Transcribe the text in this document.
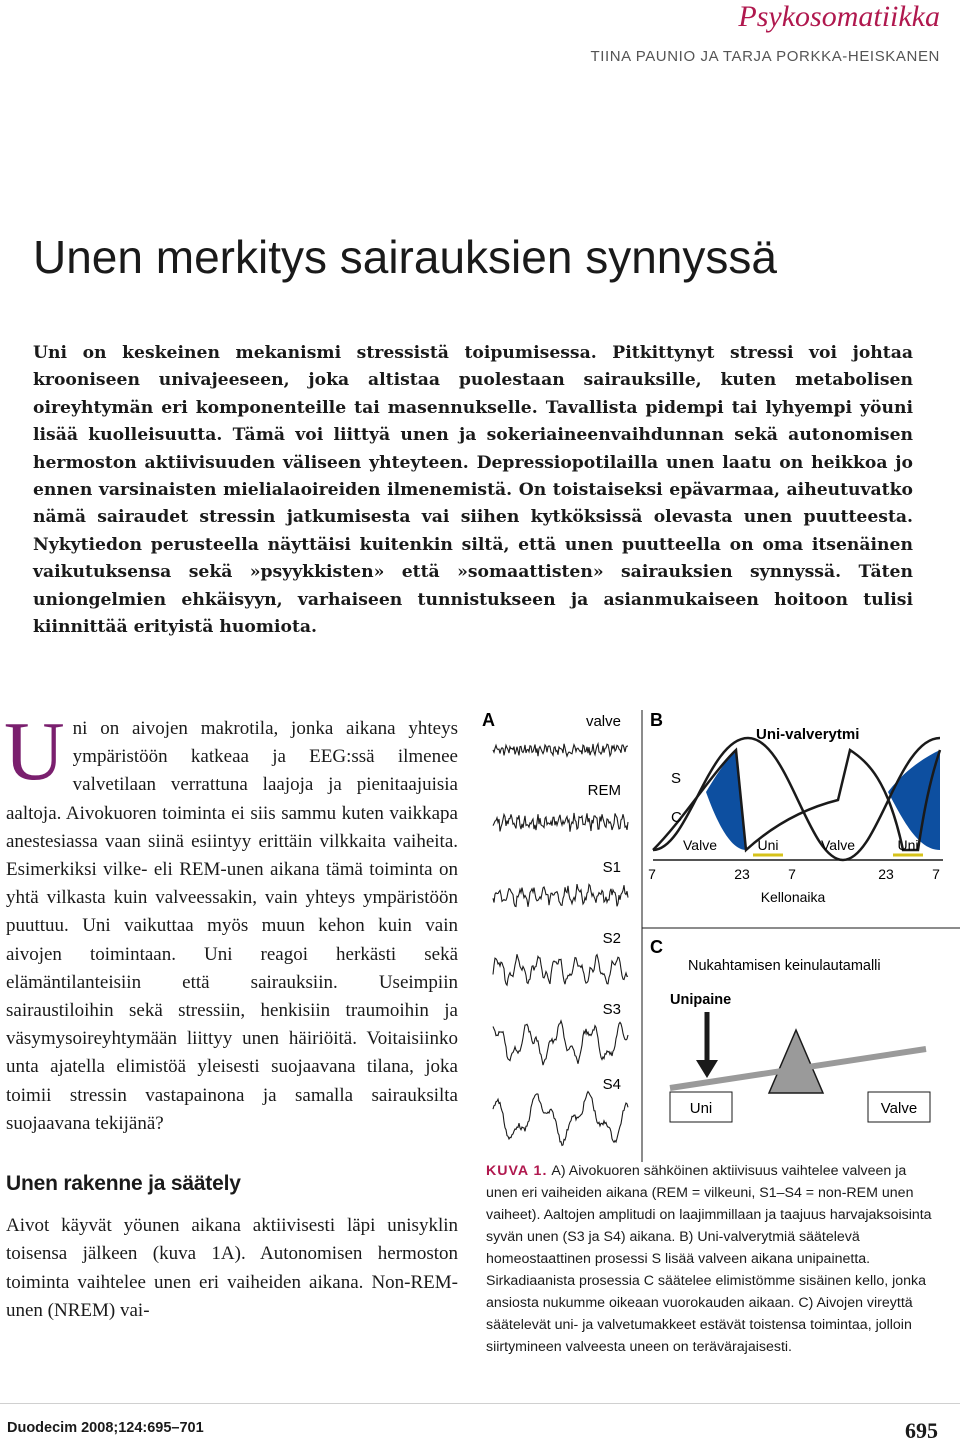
Psykosomatiikka
TIINA PAUNIO JA TARJA PORKKA-HEISKANEN
Unen merkitys sairauksien synnyssä
Uni on keskeinen mekanismi stressistä toipumisessa. Pitkittynyt stressi voi johtaa krooniseen univajeeseen, joka altistaa puolestaan sairauksille, kuten metabolisen oireyhtymän eri komponenteille tai masennukselle. Tavallista pidempi tai lyhyempi yöuni lisää kuolleisuutta. Tämä voi liittyä unen ja sokeriaineenvaihdunnan sekä autonomisen hermoston aktiivisuuden väliseen yhteyteen. Depressiopotilailla unen laatu on heikkoa jo ennen varsinaisten mielialaoireiden ilmenemistä. On toistaiseksi epävarmaa, aiheutuvatko nämä sairaudet stressin jatkumisesta vai siihen kytköksissä olevasta unen puutteesta. Nykytiedon perusteella näyttäisi kuitenkin siltä, että unen puutteella on oma itsenäinen vaikutuksensa sekä »psyykkisten» että »somaattisten» sairauksien synnyssä. Täten uniongelmien ehkäisyyn, varhaiseen tunnistukseen ja asianmukaiseen hoitoon tulisi kiinnittää erityistä huomiota.

Uni on aivojen makrotila, jonka aikana yhteys ympäristöön katkeaa ja EEG:ssä ilmenee valvetilaan verrattuna laajoja ja pienitaajuisia aaltoja. Aivokuoren toiminta ei siis sammu kuten vaikkapa anestesiassa vaan siinä esiintyy erittäin vilkkaita vaiheita. Esimerkiksi vilke- eli REM-unen aikana tämä toiminta on yhtä vilkasta kuin valveessakin, vain yhteys ympäristöön puuttuu. Uni vaikuttaa myös muun kehon kuin vain aivojen toimintaan. Uni reagoi herkästi sekä elämäntilanteisiin että sairauksiin. Useimpiin sairaustiloihin sekä stressiin, henkisiin traumoihin ja väsymysoireyhtymään liittyy unen häiriöitä. Voitaisiinko unta ajatella elimistöä yleisesti suojaavana tilana, joka toimii stressin vastapainona ja samalla sairauksilta suojaavana tekijänä?

Unen rakenne ja säätely

Aivot käyvät yöunen aikana aktiivisesti läpi unisyklin toisensa jälkeen (kuva 1A). Autonomisen hermoston toiminta vaihtelee unen eri vaiheiden aikana. Non-REM-unen (NREM) vai-

A	valve
REM
S1
S2
S3
S4
B
Uni-valverytmi
S
C
Valve	Uni	Valve	Uni
7	23	7	23	7
Kellonaika
C
Nukahtamisen keinulautamalli
Unipaine
Uni	Valve
KUVA 1. A) Aivokuoren sähköinen aktiivisuus vaihtelee valveen ja unen eri vaiheiden aikana (REM = vilkeuni, S1–S4 = non-REM unen vaiheet). Aaltojen amplitudi on laajimmillaan ja taajuus harvajaksoisinta syvän unen (S3 ja S4) aikana. B) Uni-valverytmiä säätelevä homeostaattinen prosessi S lisää valveen aikana unipainetta. Sirkadiaanista prosessia C säätelee elimistömme sisäinen kello, jonka ansiosta nukumme oikeaan vuorokauden aikaan. C) Aivojen vireyttä säätelevät uni- ja valvetumakkeet estävät toistensa toimintaa, jolloin siirtymineen valveesta uneen on terävärajaisesti.
Duodecim 2008;124:695–701	695
